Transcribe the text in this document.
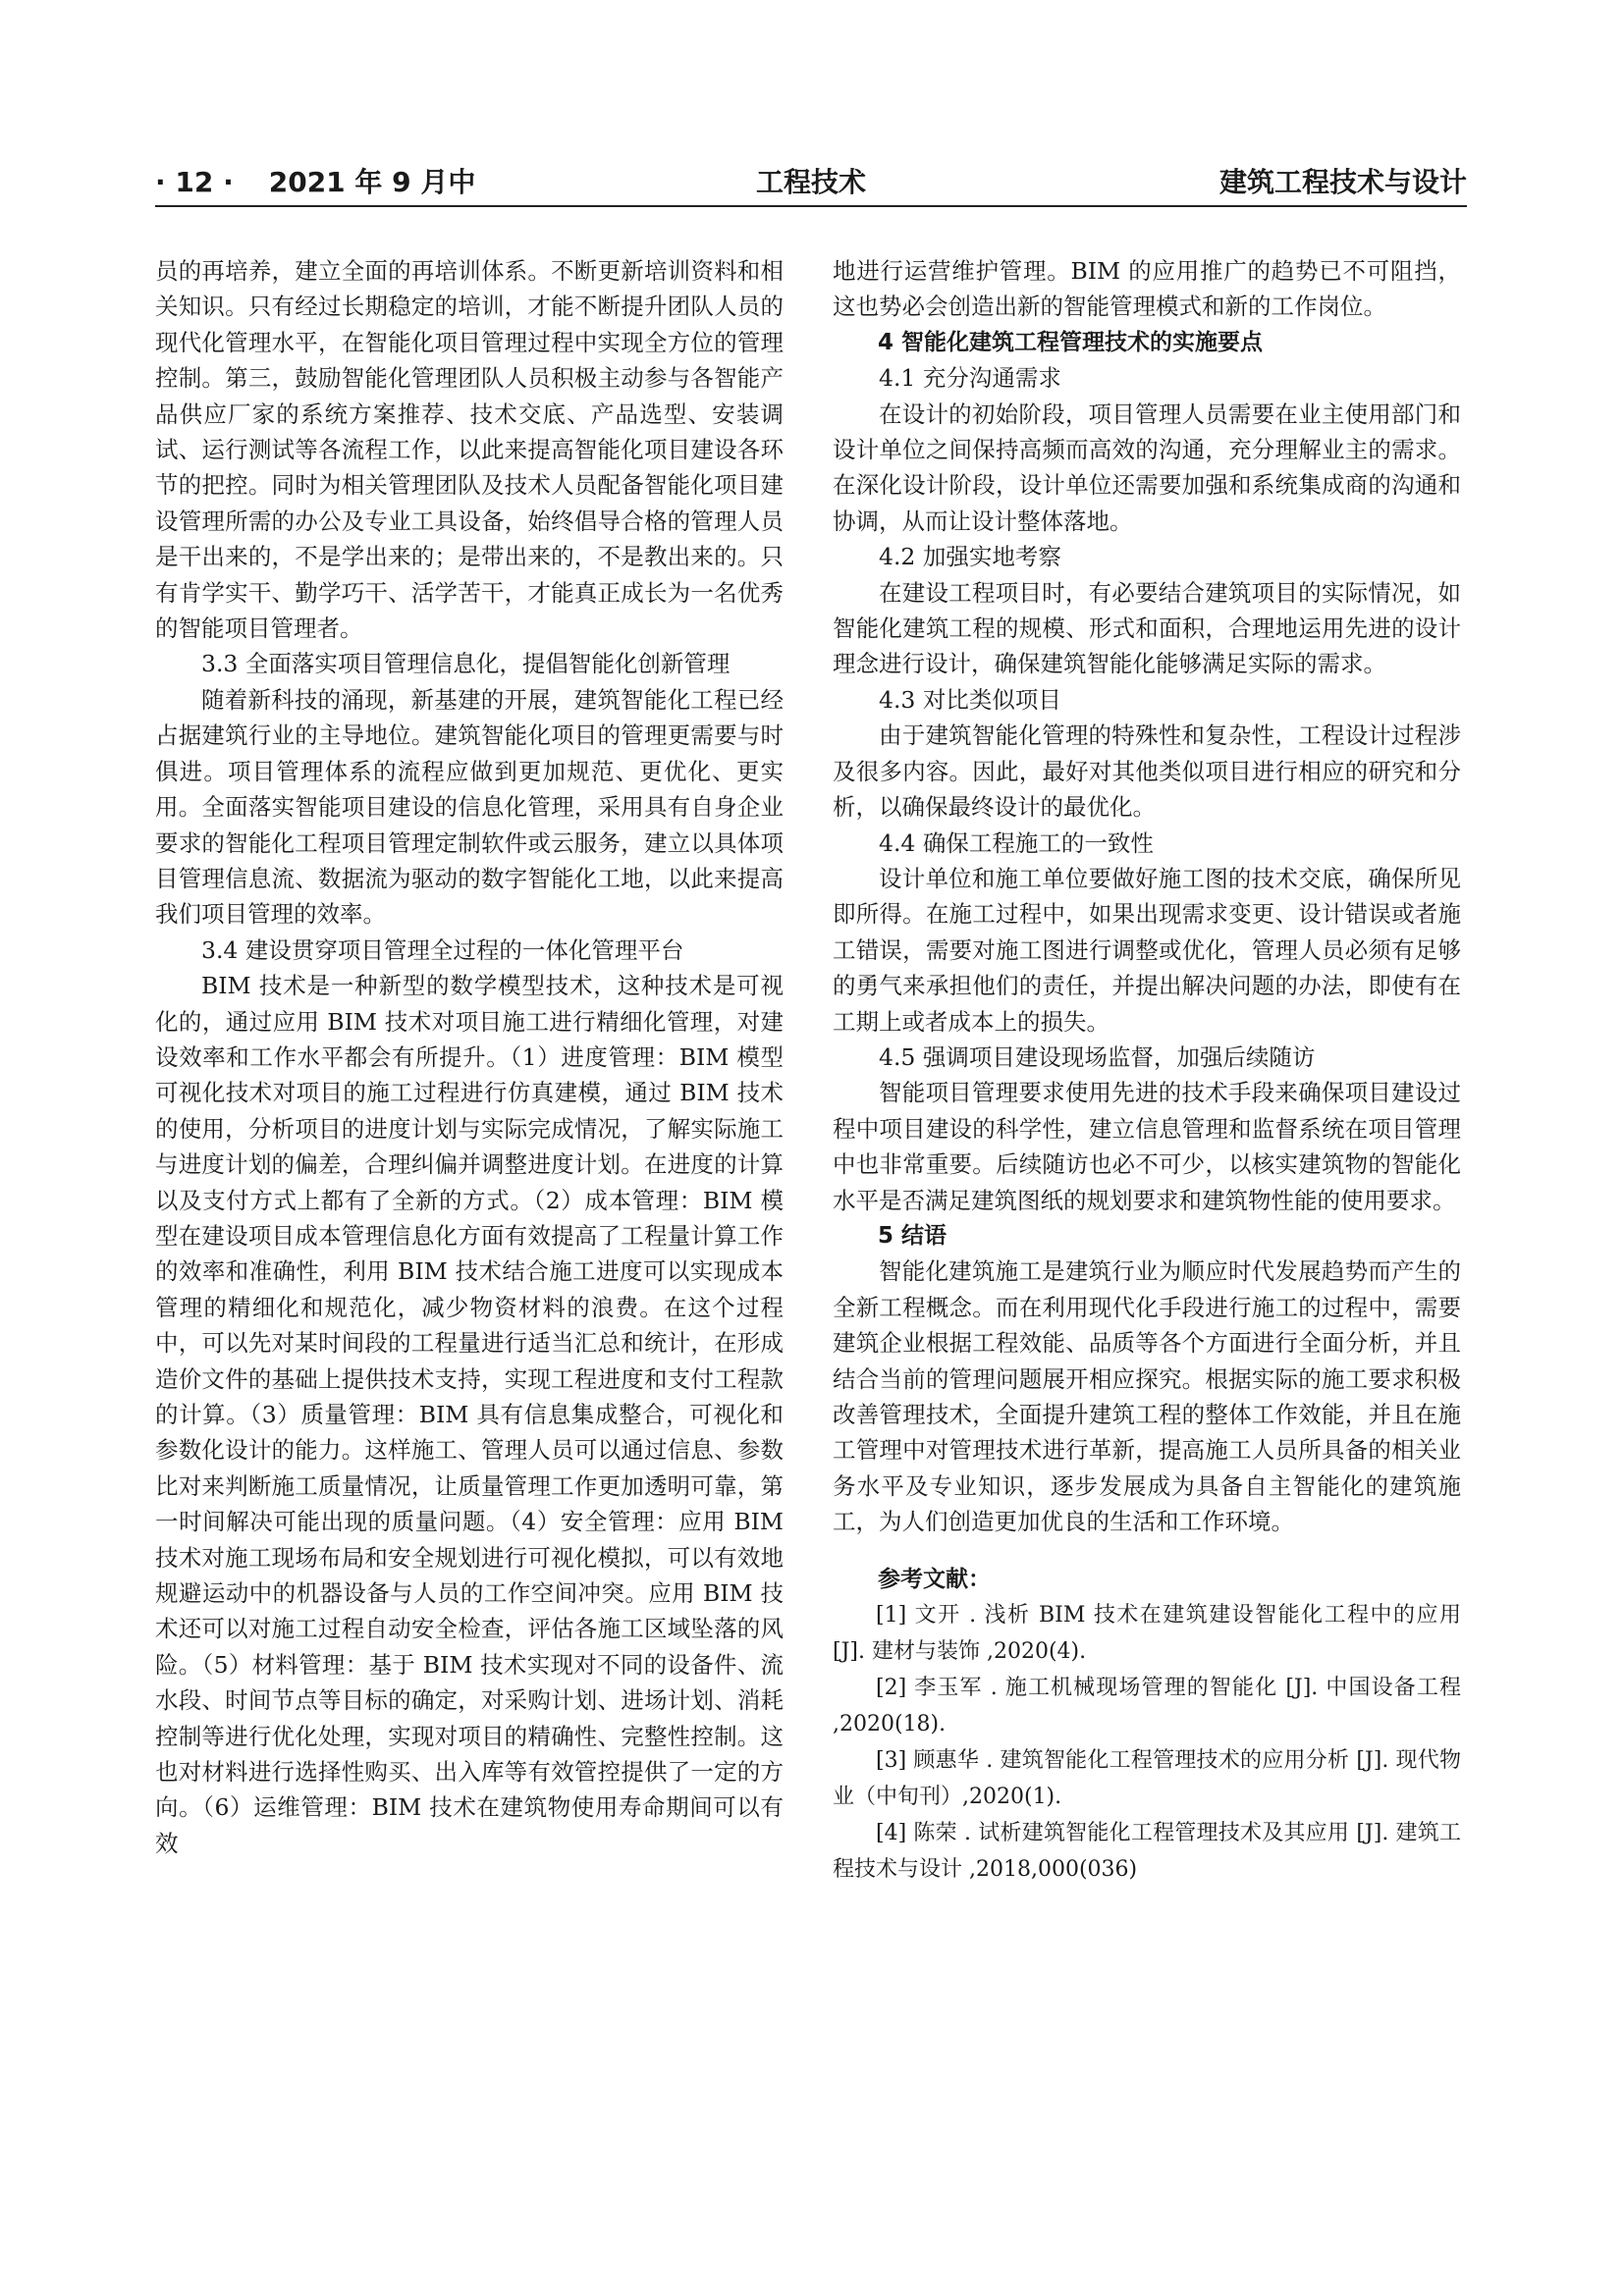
· 12 · 2021 年 9 月中	工程技术	建筑工程技术与设计

员的再培养，建立全面的再培训体系。不断更新培训资料和相关知识。只有经过长期稳定的培训，才能不断提升团队人员的现代化管理水平，在智能化项目管理过程中实现全方位的管理控制。第三，鼓励智能化管理团队人员积极主动参与各智能产品供应厂家的系统方案推荐、技术交底、产品选型、安装调试、运行测试等各流程工作，以此来提高智能化项目建设各环节的把控。同时为相关管理团队及技术人员配备智能化项目建设管理所需的办公及专业工具设备，始终倡导合格的管理人员是干出来的，不是学出来的；是带出来的，不是教出来的。只有肯学实干、勤学巧干、活学苦干，才能真正成长为一名优秀的智能项目管理者。

3.3 全面落实项目管理信息化，提倡智能化创新管理

随着新科技的涌现，新基建的开展，建筑智能化工程已经占据建筑行业的主导地位。建筑智能化项目的管理更需要与时俱进。项目管理体系的流程应做到更加规范、更优化、更实用。全面落实智能项目建设的信息化管理，采用具有自身企业要求的智能化工程项目管理定制软件或云服务，建立以具体项目管理信息流、数据流为驱动的数字智能化工地，以此来提高我们项目管理的效率。

3.4 建设贯穿项目管理全过程的一体化管理平台

BIM 技术是一种新型的数学模型技术，这种技术是可视化的，通过应用 BIM 技术对项目施工进行精细化管理，对建设效率和工作水平都会有所提升。（1）进度管理：BIM 模型可视化技术对项目的施工过程进行仿真建模，通过 BIM 技术的使用，分析项目的进度计划与实际完成情况，了解实际施工与进度计划的偏差，合理纠偏并调整进度计划。在进度的计算以及支付方式上都有了全新的方式。（2）成本管理：BIM 模型在建设项目成本管理信息化方面有效提高了工程量计算工作的效率和准确性，利用 BIM 技术结合施工进度可以实现成本管理的精细化和规范化，减少物资材料的浪费。在这个过程中，可以先对某时间段的工程量进行适当汇总和统计，在形成造价文件的基础上提供技术支持，实现工程进度和支付工程款的计算。（3）质量管理：BIM 具有信息集成整合，可视化和参数化设计的能力。这样施工、管理人员可以通过信息、参数比对来判断施工质量情况，让质量管理工作更加透明可靠，第一时间解决可能出现的质量问题。（4）安全管理：应用 BIM 技术对施工现场布局和安全规划进行可视化模拟，可以有效地规避运动中的机器设备与人员的工作空间冲突。应用 BIM 技术还可以对施工过程自动安全检查，评估各施工区域坠落的风险。（5）材料管理：基于 BIM 技术实现对不同的设备件、流水段、时间节点等目标的确定，对采购计划、进场计划、消耗控制等进行优化处理，实现对项目的精确性、完整性控制。这也对材料进行选择性购买、出入库等有效管控提供了一定的方向。（6）运维管理：BIM 技术在建筑物使用寿命期间可以有效

地进行运营维护管理。BIM 的应用推广的趋势已不可阻挡，这也势必会创造出新的智能管理模式和新的工作岗位。

4 智能化建筑工程管理技术的实施要点

4.1 充分沟通需求

在设计的初始阶段，项目管理人员需要在业主使用部门和设计单位之间保持高频而高效的沟通，充分理解业主的需求。在深化设计阶段，设计单位还需要加强和系统集成商的沟通和协调，从而让设计整体落地。

4.2 加强实地考察

在建设工程项目时，有必要结合建筑项目的实际情况，如智能化建筑工程的规模、形式和面积，合理地运用先进的设计理念进行设计，确保建筑智能化能够满足实际的需求。

4.3 对比类似项目

由于建筑智能化管理的特殊性和复杂性，工程设计过程涉及很多内容。因此，最好对其他类似项目进行相应的研究和分析，以确保最终设计的最优化。

4.4 确保工程施工的一致性

设计单位和施工单位要做好施工图的技术交底，确保所见即所得。在施工过程中，如果出现需求变更、设计错误或者施工错误，需要对施工图进行调整或优化，管理人员必须有足够的勇气来承担他们的责任，并提出解决问题的办法，即使有在工期上或者成本上的损失。

4.5 强调项目建设现场监督，加强后续随访

智能项目管理要求使用先进的技术手段来确保项目建设过程中项目建设的科学性，建立信息管理和监督系统在项目管理中也非常重要。后续随访也必不可少，以核实建筑物的智能化水平是否满足建筑图纸的规划要求和建筑物性能的使用要求。

5 结语

智能化建筑施工是建筑行业为顺应时代发展趋势而产生的全新工程概念。而在利用现代化手段进行施工的过程中，需要建筑企业根据工程效能、品质等各个方面进行全面分析，并且结合当前的管理问题展开相应探究。根据实际的施工要求积极改善管理技术，全面提升建筑工程的整体工作效能，并且在施工管理中对管理技术进行革新，提高施工人员所具备的相关业务水平及专业知识，逐步发展成为具备自主智能化的建筑施工，为人们创造更加优良的生活和工作环境。

参考文献：

[1] 文开 . 浅析 BIM 技术在建筑建设智能化工程中的应用 [J]. 建材与装饰 ,2020(4).

[2] 李玉军 . 施工机械现场管理的智能化 [J]. 中国设备工程 ,2020(18).

[3] 顾惠华 . 建筑智能化工程管理技术的应用分析 [J]. 现代物业（中旬刊）,2020(1).

[4] 陈荣 . 试析建筑智能化工程管理技术及其应用 [J]. 建筑工程技术与设计 ,2018,000(036)
